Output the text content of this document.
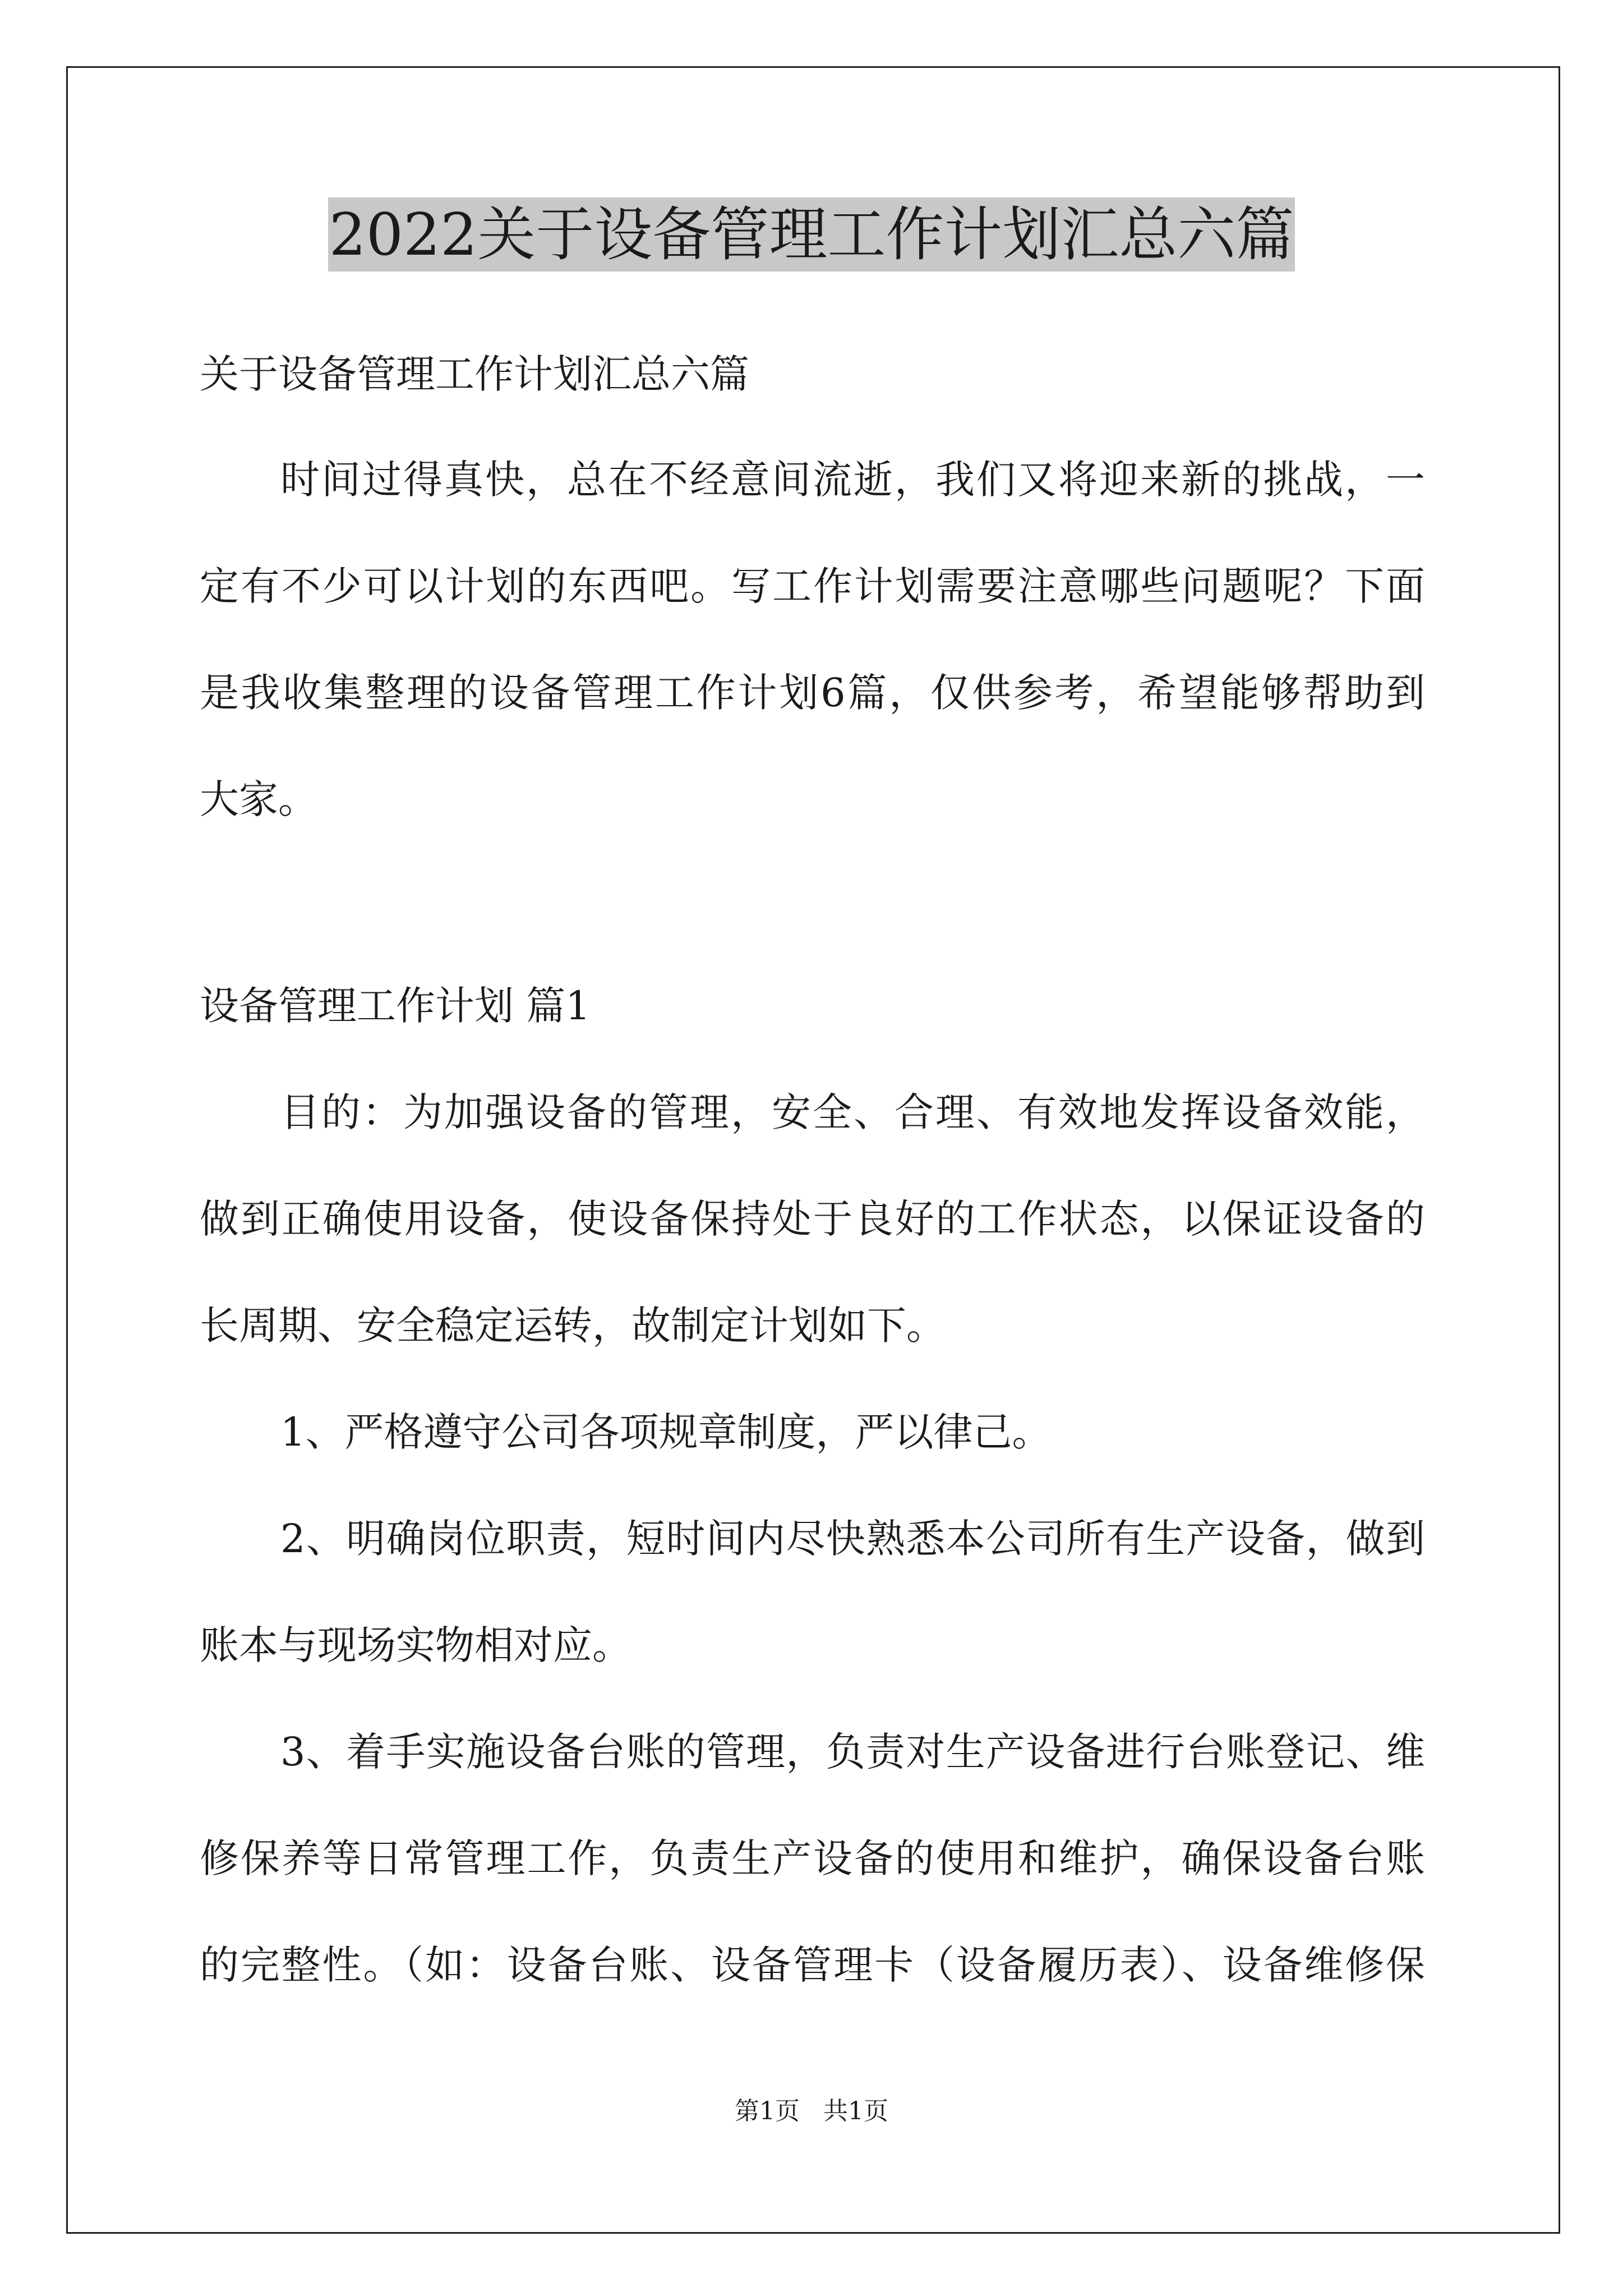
2022关于设备管理工作计划汇总六篇
关于设备管理工作计划汇总六篇
时间过得真快，总在不经意间流逝，我们又将迎来新的挑战，一
定有不少可以计划的东西吧。写工作计划需要注意哪些问题呢？下面
是我收集整理的设备管理工作计划6篇，仅供参考，希望能够帮助到
大家。
设备管理工作计划 篇1
目的：为加强设备的管理，安全、合理、有效地发挥设备效能，
做到正确使用设备，使设备保持处于良好的工作状态，以保证设备的
长周期、安全稳定运转，故制定计划如下。
1、严格遵守公司各项规章制度，严以律己。
2、明确岗位职责，短时间内尽快熟悉本公司所有生产设备，做到
账本与现场实物相对应。
3、着手实施设备台账的管理，负责对生产设备进行台账登记、维
修保养等日常管理工作，负责生产设备的使用和维护，确保设备台账
的完整性。（如：设备台账、设备管理卡（设备履历表）、设备维修保
第1页   共1页
